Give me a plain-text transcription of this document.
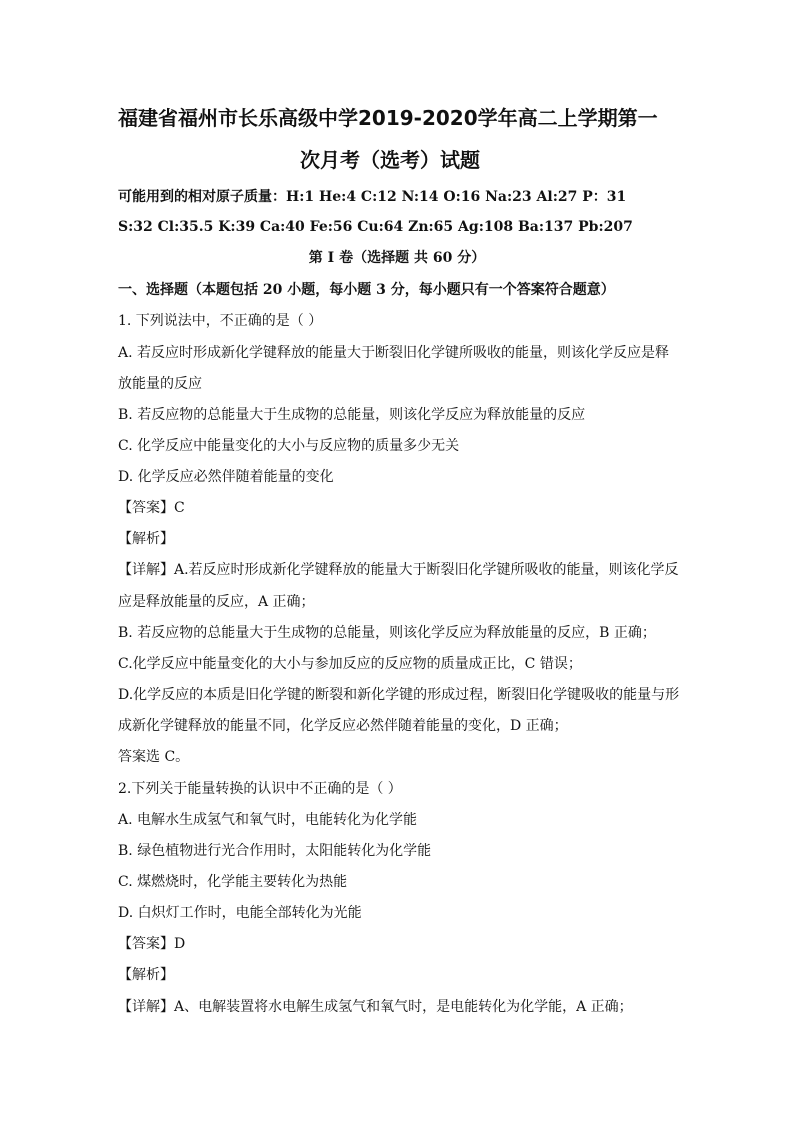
福建省福州市长乐高级中学2019-2020学年高二上学期第一
次月考（选考）试题
可能用到的相对原子质量：H:1 He:4 C:12 N:14 O:16 Na:23 Al:27 P：31
S:32 Cl:35.5 K:39 Ca:40 Fe:56 Cu:64 Zn:65 Ag:108 Ba:137 Pb:207
第 I 卷（选择题 共 60 分）
一、选择题（本题包括 20 小题，每小题 3 分，每小题只有一个答案符合题意）
1. 下列说法中，不正确的是（ ）
A. 若反应时形成新化学键释放的能量大于断裂旧化学键所吸收的能量，则该化学反应是释
放能量的反应
B. 若反应物的总能量大于生成物的总能量，则该化学反应为释放能量的反应
C. 化学反应中能量变化的大小与反应物的质量多少无关
D. 化学反应必然伴随着能量的变化
【答案】C
【解析】
【详解】A.若反应时形成新化学键释放的能量大于断裂旧化学键所吸收的能量，则该化学反
应是释放能量的反应，A 正确；
B. 若反应物的总能量大于生成物的总能量，则该化学反应为释放能量的反应，B 正确；
C.化学反应中能量变化的大小与参加反应的反应物的质量成正比，C 错误；
D.化学反应的本质是旧化学键的断裂和新化学键的形成过程，断裂旧化学键吸收的能量与形
成新化学键释放的能量不同，化学反应必然伴随着能量的变化，D 正确；
答案选 C。
2.下列关于能量转换的认识中不正确的是（ ）
A. 电解水生成氢气和氧气时，电能转化为化学能
B. 绿色植物进行光合作用时，太阳能转化为化学能
C. 煤燃烧时，化学能主要转化为热能
D. 白炽灯工作时，电能全部转化为光能
【答案】D
【解析】
【详解】A、电解装置将水电解生成氢气和氧气时，是电能转化为化学能，A 正确；
